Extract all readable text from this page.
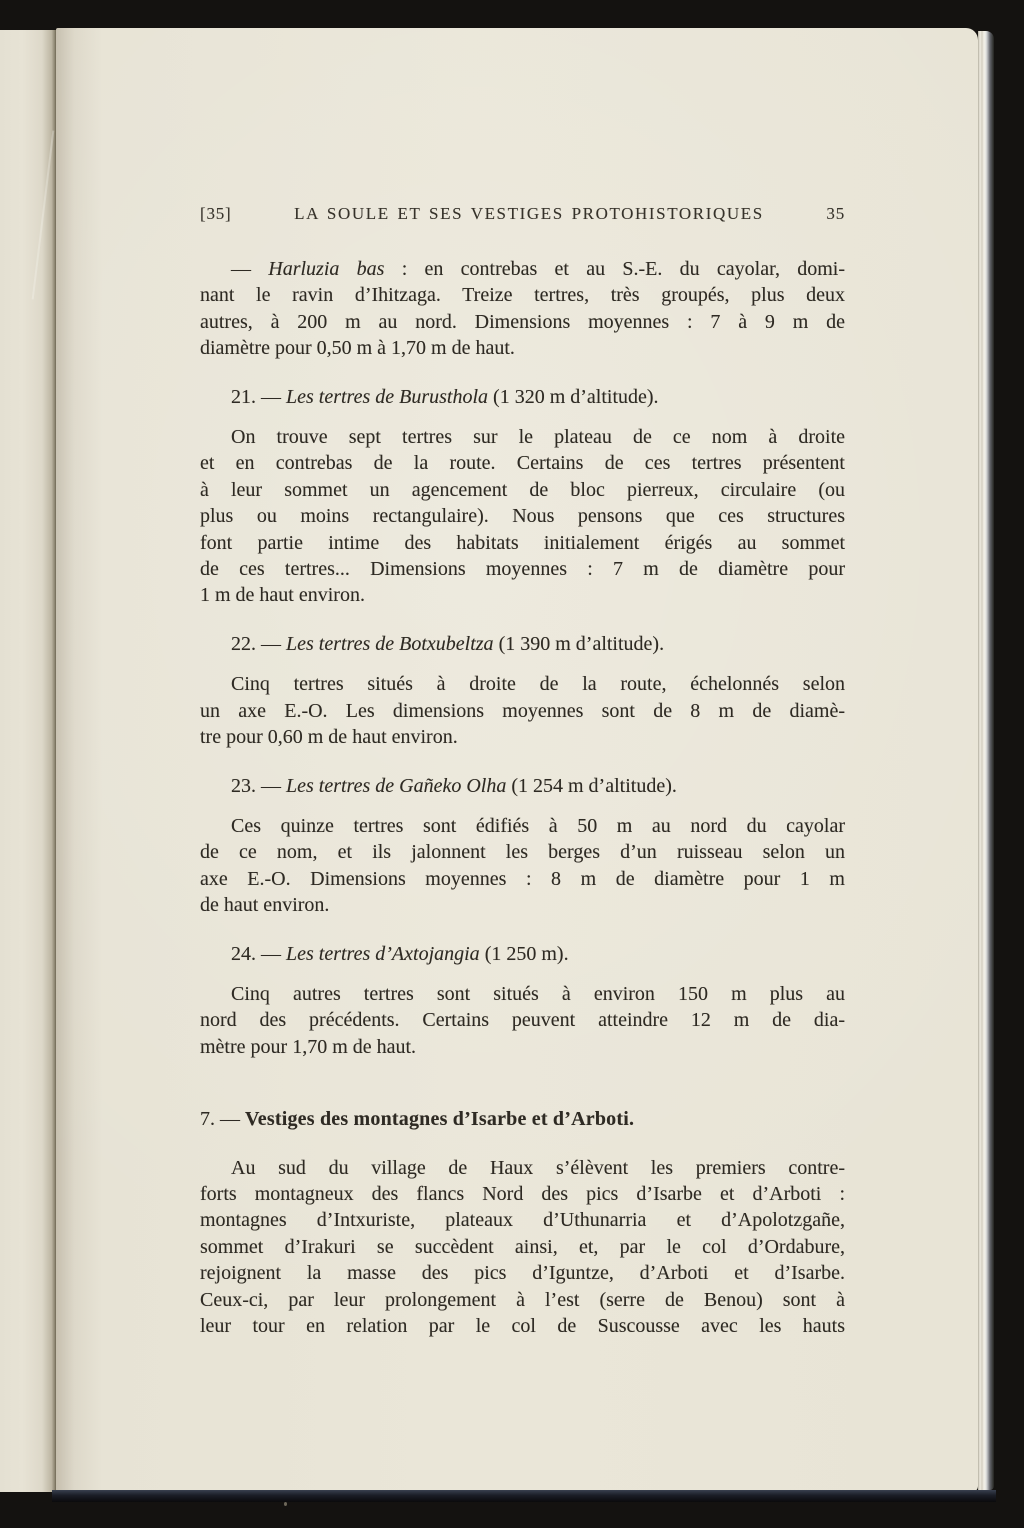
[35]	LA SOULE ET SES VESTIGES PROTOHISTORIQUES	35
— Harluzia bas : en contrebas et au S.-E. du cayolar, domi-
nant le ravin d’Ihitzaga. Treize tertres, très groupés, plus deux
autres, à 200 m au nord. Dimensions moyennes : 7 à 9 m de
diamètre pour 0,50 m à 1,70 m de haut.
21. — Les tertres de Burusthola (1 320 m d’altitude).
On trouve sept tertres sur le plateau de ce nom à droite
et en contrebas de la route. Certains de ces tertres présentent
à leur sommet un agencement de bloc pierreux, circulaire (ou
plus ou moins rectangulaire). Nous pensons que ces structures
font partie intime des habitats initialement érigés au sommet
de ces tertres... Dimensions moyennes : 7 m de diamètre pour
1 m de haut environ.
22. — Les tertres de Botxubeltza (1 390 m d’altitude).
Cinq tertres situés à droite de la route, échelonnés selon
un axe E.-O. Les dimensions moyennes sont de 8 m de diamè-
tre pour 0,60 m de haut environ.
23. — Les tertres de Gañeko Olha (1 254 m d’altitude).
Ces quinze tertres sont édifiés à 50 m au nord du cayolar
de ce nom, et ils jalonnent les berges d’un ruisseau selon un
axe E.-O. Dimensions moyennes : 8 m de diamètre pour 1 m
de haut environ.
24. — Les tertres d’Axtojangia (1 250 m).
Cinq autres tertres sont situés à environ 150 m plus au
nord des précédents. Certains peuvent atteindre 12 m de dia-
mètre pour 1,70 m de haut.
7. — Vestiges des montagnes d’Isarbe et d’Arboti.
Au sud du village de Haux s’élèvent les premiers contre-
forts montagneux des flancs Nord des pics d’Isarbe et d’Arboti :
montagnes d’Intxuriste, plateaux d’Uthunarria et d’Apolotzgañe,
sommet d’Irakuri se succèdent ainsi, et, par le col d’Ordabure,
rejoignent la masse des pics d’Iguntze, d’Arboti et d’Isarbe.
Ceux-ci, par leur prolongement à l’est (serre de Benou) sont à
leur tour en relation par le col de Suscousse avec les hauts
